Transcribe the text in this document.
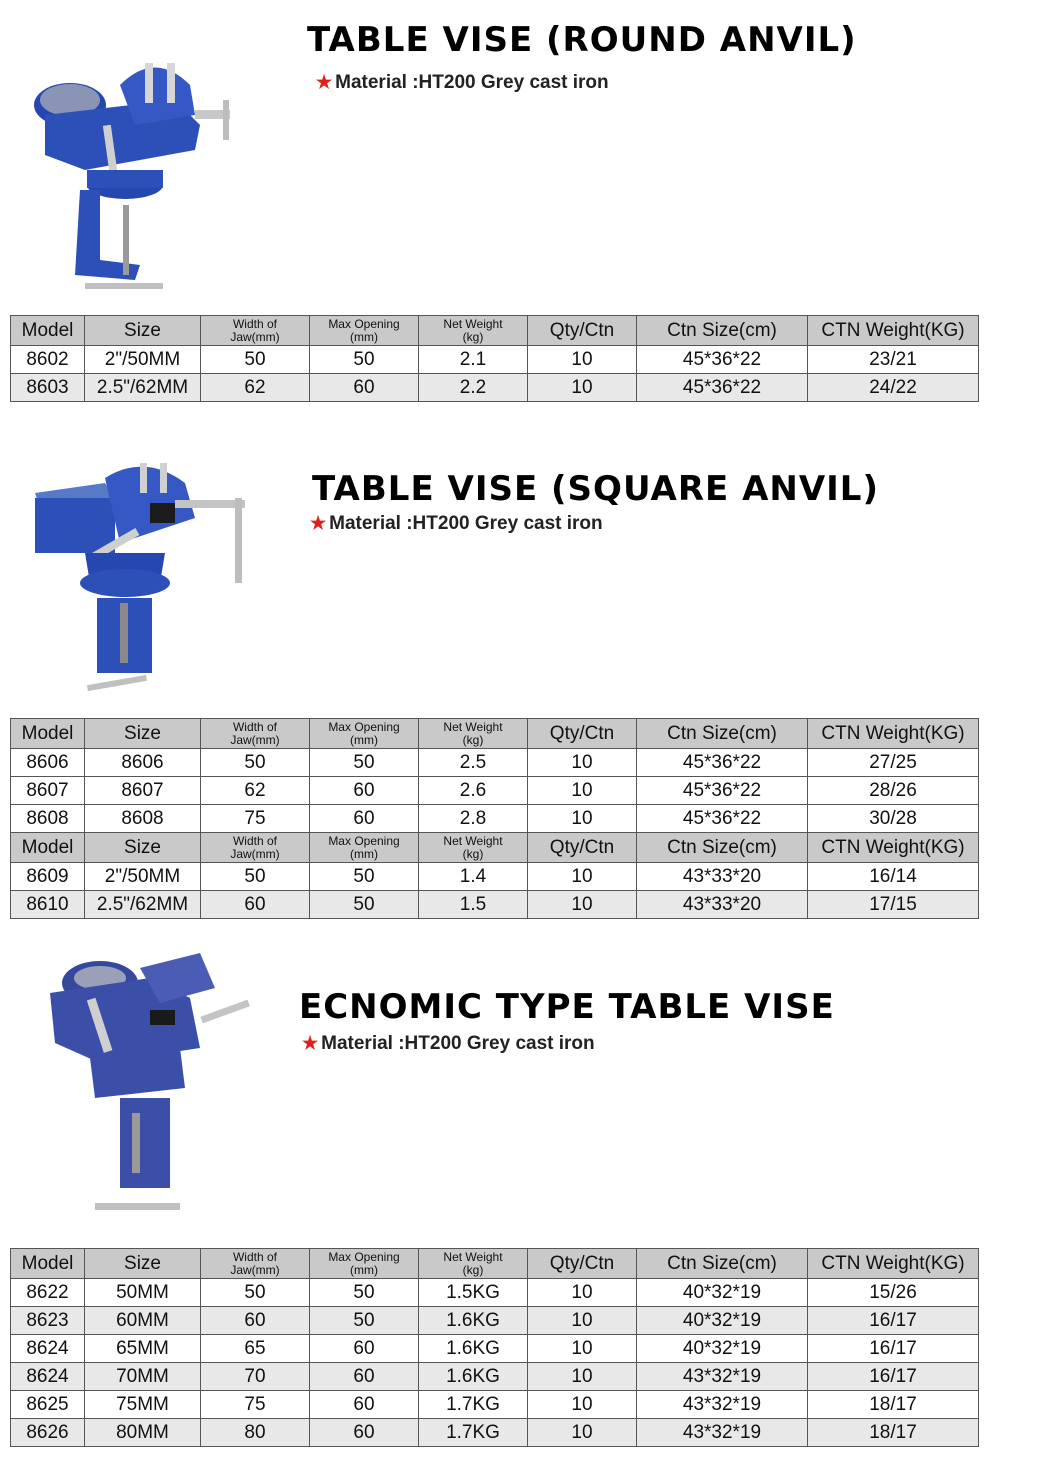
TABLE VISE (ROUND ANVIL)
★ Material :HT200 Grey cast iron
Model	Size	Width of
Jaw(mm)	Max Opening
(mm)	Net Weight
(kg)	Qty/Ctn	Ctn Size(cm)	CTN Weight(KG)
8602	2"/50MM	50	50	2.1	10	45*36*22	23/21
8603	2.5"/62MM	62	60	2.2	10	45*36*22	24/22
TABLE VISE (SQUARE ANVIL)
★ Material :HT200 Grey cast iron
Model	Size	Width of
Jaw(mm)	Max Opening
(mm)	Net Weight
(kg)	Qty/Ctn	Ctn Size(cm)	CTN Weight(KG)
8606	8606	50	50	2.5	10	45*36*22	27/25
8607	8607	62	60	2.6	10	45*36*22	28/26
8608	8608	75	60	2.8	10	45*36*22	30/28
Model	Size	Width of
Jaw(mm)	Max Opening
(mm)	Net Weight
(kg)	Qty/Ctn	Ctn Size(cm)	CTN Weight(KG)
8609	2"/50MM	50	50	1.4	10	43*33*20	16/14
8610	2.5"/62MM	60	50	1.5	10	43*33*20	17/15
ECNOMIC TYPE TABLE VISE
★ Material :HT200 Grey cast iron
Model	Size	Width of
Jaw(mm)	Max Opening
(mm)	Net Weight
(kg)	Qty/Ctn	Ctn Size(cm)	CTN Weight(KG)
8622	50MM	50	50	1.5KG	10	40*32*19	15/26
8623	60MM	60	50	1.6KG	10	40*32*19	16/17
8624	65MM	65	60	1.6KG	10	40*32*19	16/17
8624	70MM	70	60	1.6KG	10	43*32*19	16/17
8625	75MM	75	60	1.7KG	10	43*32*19	18/17
8626	80MM	80	60	1.7KG	10	43*32*19	18/17
